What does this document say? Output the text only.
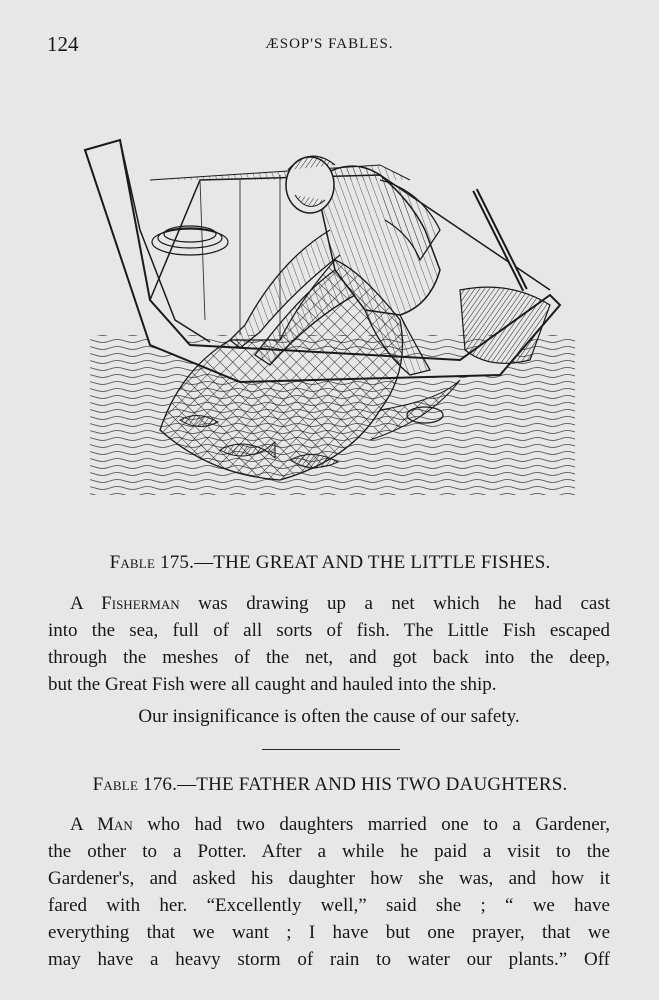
124	ÆSOP'S FABLES.
Fable 175.—THE GREAT AND THE LITTLE FISHES.
A Fisherman was drawing up a net which he had cast
into the sea, full of all sorts of fish. The Little Fish escaped
through the meshes of the net, and got back into the deep,
but the Great Fish were all caught and hauled into the ship.
Our insignificance is often the cause of our safety.
Fable 176.—THE FATHER AND HIS TWO DAUGHTERS.
A Man who had two daughters married one to a Gardener,
the other to a Potter. After a while he paid a visit to the
Gardener's, and asked his daughter how she was, and how it
fared with her. “Excellently well,” said she ; “ we have
everything that we want ; I have but one prayer, that we
may have a heavy storm of rain to water our plants.” Off
